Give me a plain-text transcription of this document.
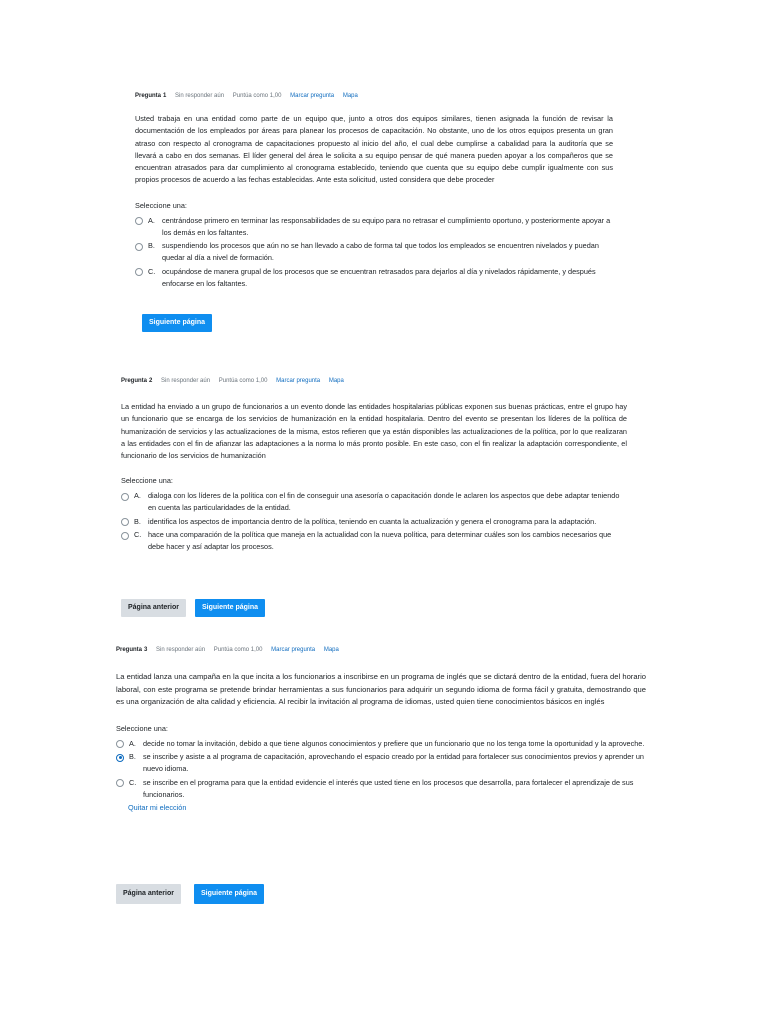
Pregunta 1 Sin responder aún Puntúa como 1,00 Marcar pregunta Mapa
Usted trabaja en una entidad como parte de un equipo que, junto a otros dos equipos similares, tienen asignada la función de revisar la documentación de los empleados por áreas para planear los procesos de capacitación. No obstante, uno de los otros equipos presenta un gran atraso con respecto al cronograma de capacitaciones propuesto al inicio del año, el cual debe cumplirse a cabalidad para la auditoría que se llevará a cabo en dos semanas. El líder general del área le solicita a su equipo pensar de qué manera pueden apoyar a los compañeros que se encuentran atrasados para dar cumplimiento al cronograma establecido, teniendo que cuenta que su equipo debe cumplir igualmente con sus propios procesos de acuerdo a las fechas establecidas. Ante esta solicitud, usted considera que debe proceder
Seleccione una:
A. centrándose primero en terminar las responsabilidades de su equipo para no retrasar el cumplimiento oportuno, y posteriormente apoyar a los demás en los faltantes.
B. suspendiendo los procesos que aún no se han llevado a cabo de forma tal que todos los empleados se encuentren nivelados y puedan quedar al día a nivel de formación.
C. ocupándose de manera grupal de los procesos que se encuentran retrasados para dejarlos al día y nivelados rápidamente, y después enfocarse en los faltantes.
Siguiente página
Pregunta 2 Sin responder aún Puntúa como 1,00 Marcar pregunta Mapa
La entidad ha enviado a un grupo de funcionarios a un evento donde las entidades hospitalarias públicas exponen sus buenas prácticas, entre el grupo hay un funcionario que se encarga de los servicios de humanización en la entidad hospitalaria. Dentro del evento se presentan los líderes de la política de humanización de servicios y las actualizaciones de la misma, estos refieren que ya están disponibles las actualizaciones de la política, por lo que realizaran a las entidades con el fin de afianzar las adaptaciones a la norma lo más pronto posible. En este caso, con el fin realizar la adaptación correspondiente, el funcionario de los servicios de humanización
Seleccione una:
A. dialoga con los líderes de la política con el fin de conseguir una asesoría o capacitación donde le aclaren los aspectos que debe adaptar teniendo en cuenta las particularidades de la entidad.
B. identifica los aspectos de importancia dentro de la política, teniendo en cuanta la actualización y genera el cronograma para la adaptación.
C. hace una comparación de la política que maneja en la actualidad con la nueva política, para determinar cuáles son los cambios necesarios que debe hacer y así adaptar los procesos.
Página anterior	Siguiente página
Pregunta 3 Sin responder aún Puntúa como 1,00 Marcar pregunta Mapa
La entidad lanza una campaña en la que incita a los funcionarios a inscribirse en un programa de inglés que se dictará dentro de la entidad, fuera del horario laboral, con este programa se pretende brindar herramientas a sus funcionarios para adquirir un segundo idioma de forma fácil y gratuita, demostrando que es una organización de alta calidad y eficiencia. Al recibir la invitación al programa de idiomas, usted quien tiene conocimientos básicos en inglés
Seleccione una:
A. decide no tomar la invitación, debido a que tiene algunos conocimientos y prefiere que un funcionario que no los tenga tome la oportunidad y la aproveche.
B. se inscribe y asiste a al programa de capacitación, aprovechando el espacio creado por la entidad para fortalecer sus conocimientos previos y aprender un nuevo idioma.
C. se inscribe en el programa para que la entidad evidencie el interés que usted tiene en los procesos que desarrolla, para fortalecer el aprendizaje de sus funcionarios.
Quitar mi elección
Página anterior	Siguiente página
